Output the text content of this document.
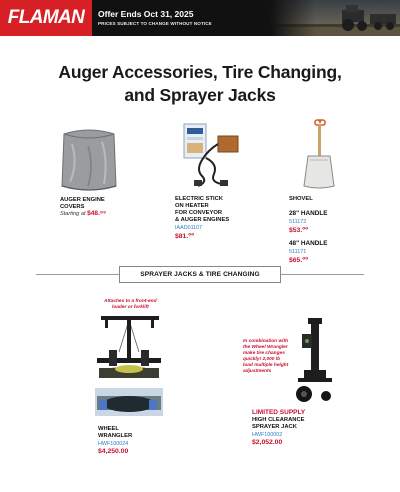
FLAMAN Offer Ends Oct 31, 2025
PRICES SUBJECT TO CHANGE WITHOUT NOTICE
Auger Accessories, Tire Changing,
and Sprayer Jacks
AUGER ENGINE
COVERS
Starting at $48.⁹⁹
ELECTRIC STICK
ON HEATER
FOR CONVEYOR
& AUGER ENGINES
IAAD01107
$81.⁰⁰
SHOVEL
28" HANDLE
511172
$53.⁰⁰
48" HANDLE
511171
$65.⁰⁰
SPRAYER JACKS & TIRE CHANGING
Attaches to a front-end
loader or forklift
WHEEL
WRANGLER
HWF100024
$4,250.00
In combination with
the Wheel Wrangler
make tire changes
quickly! 2,000 lb
load multiple height
adjustments
LIMITED SUPPLY
HIGH CLEARANCE
SPRAYER JACK
HWF100002
$2,052.00
